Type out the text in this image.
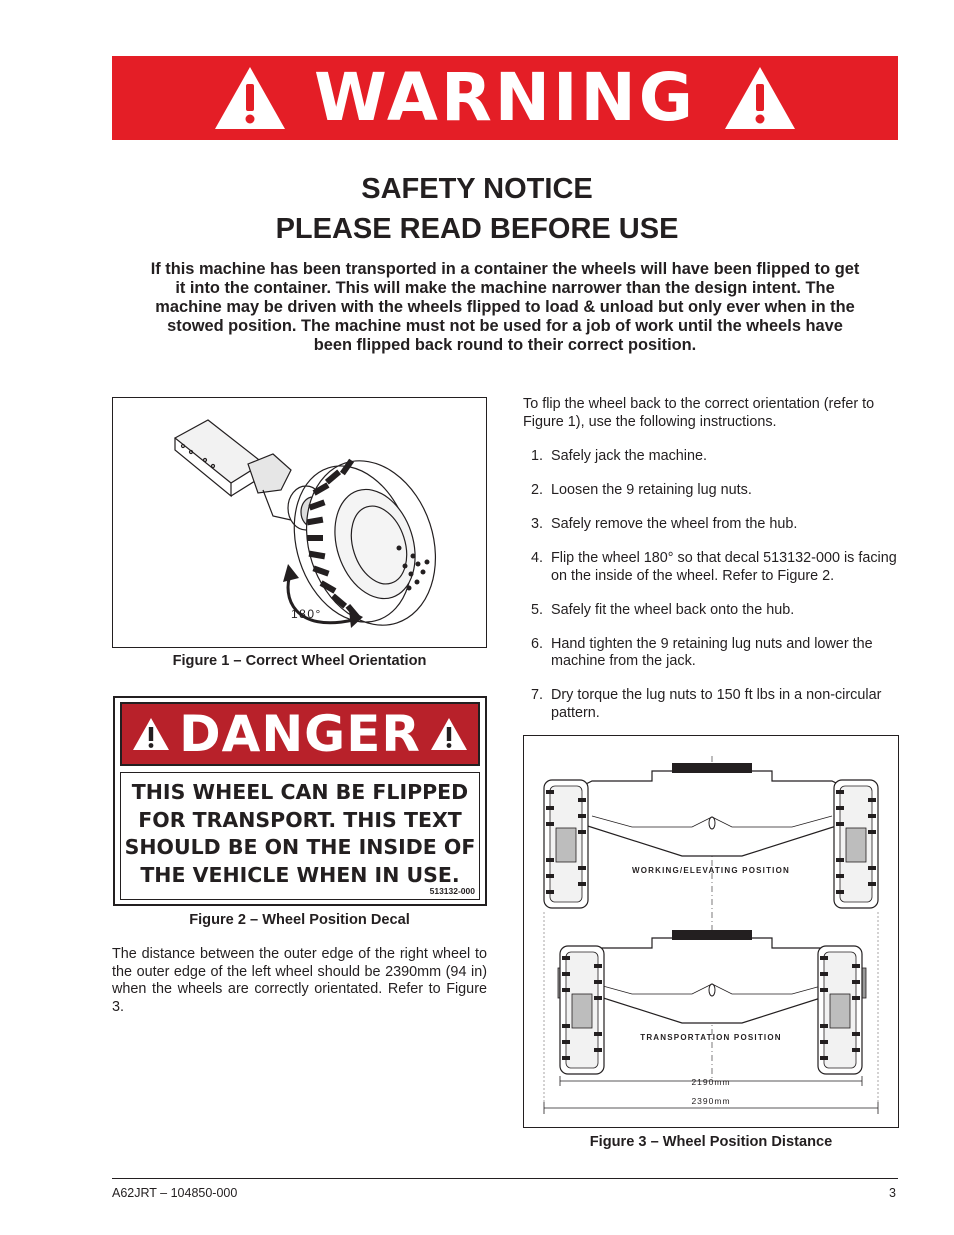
WARNING
SAFETY NOTICE
PLEASE READ BEFORE USE
If this machine has been transported in a container the wheels will have been flipped to get it into the container. This will make the machine narrower than the design intent. The machine may be driven with the wheels flipped to load & unload but only ever when in the stowed position. The machine must not be used for a job of work until the wheels have been flipped back round to their correct position.
180°
Figure 1 – Correct Wheel Orientation
DANGER
THIS WHEEL CAN BE FLIPPED
FOR TRANSPORT. THIS TEXT
SHOULD BE ON THE INSIDE OF
THE VEHICLE WHEN IN USE.
513132-000
Figure 2 – Wheel Position Decal
The distance between the outer edge of the right wheel to the outer edge of the left wheel should be 2390mm (94 in) when the wheels are correctly orientated. Refer to Figure 3.
To flip the wheel back to the correct orientation (refer to Figure 1), use the following instructions.
1. Safely jack the machine.
2. Loosen the 9 retaining lug nuts.
3. Safely remove the wheel from the hub.
4. Flip the wheel 180° so that decal 513132-000 is facing on the inside of the wheel. Refer to Figure 2.
5. Safely fit the wheel back onto the hub.
6. Hand tighten the 9 retaining lug nuts and lower the machine from the jack.
7. Dry torque the lug nuts to 150 ft lbs in a non-circular pattern.
WORKING/ELEVATING POSITION
TRANSPORTATION POSITION
2190mm
2390mm
Figure 3 – Wheel Position Distance
A62JRT – 104850-000	3
